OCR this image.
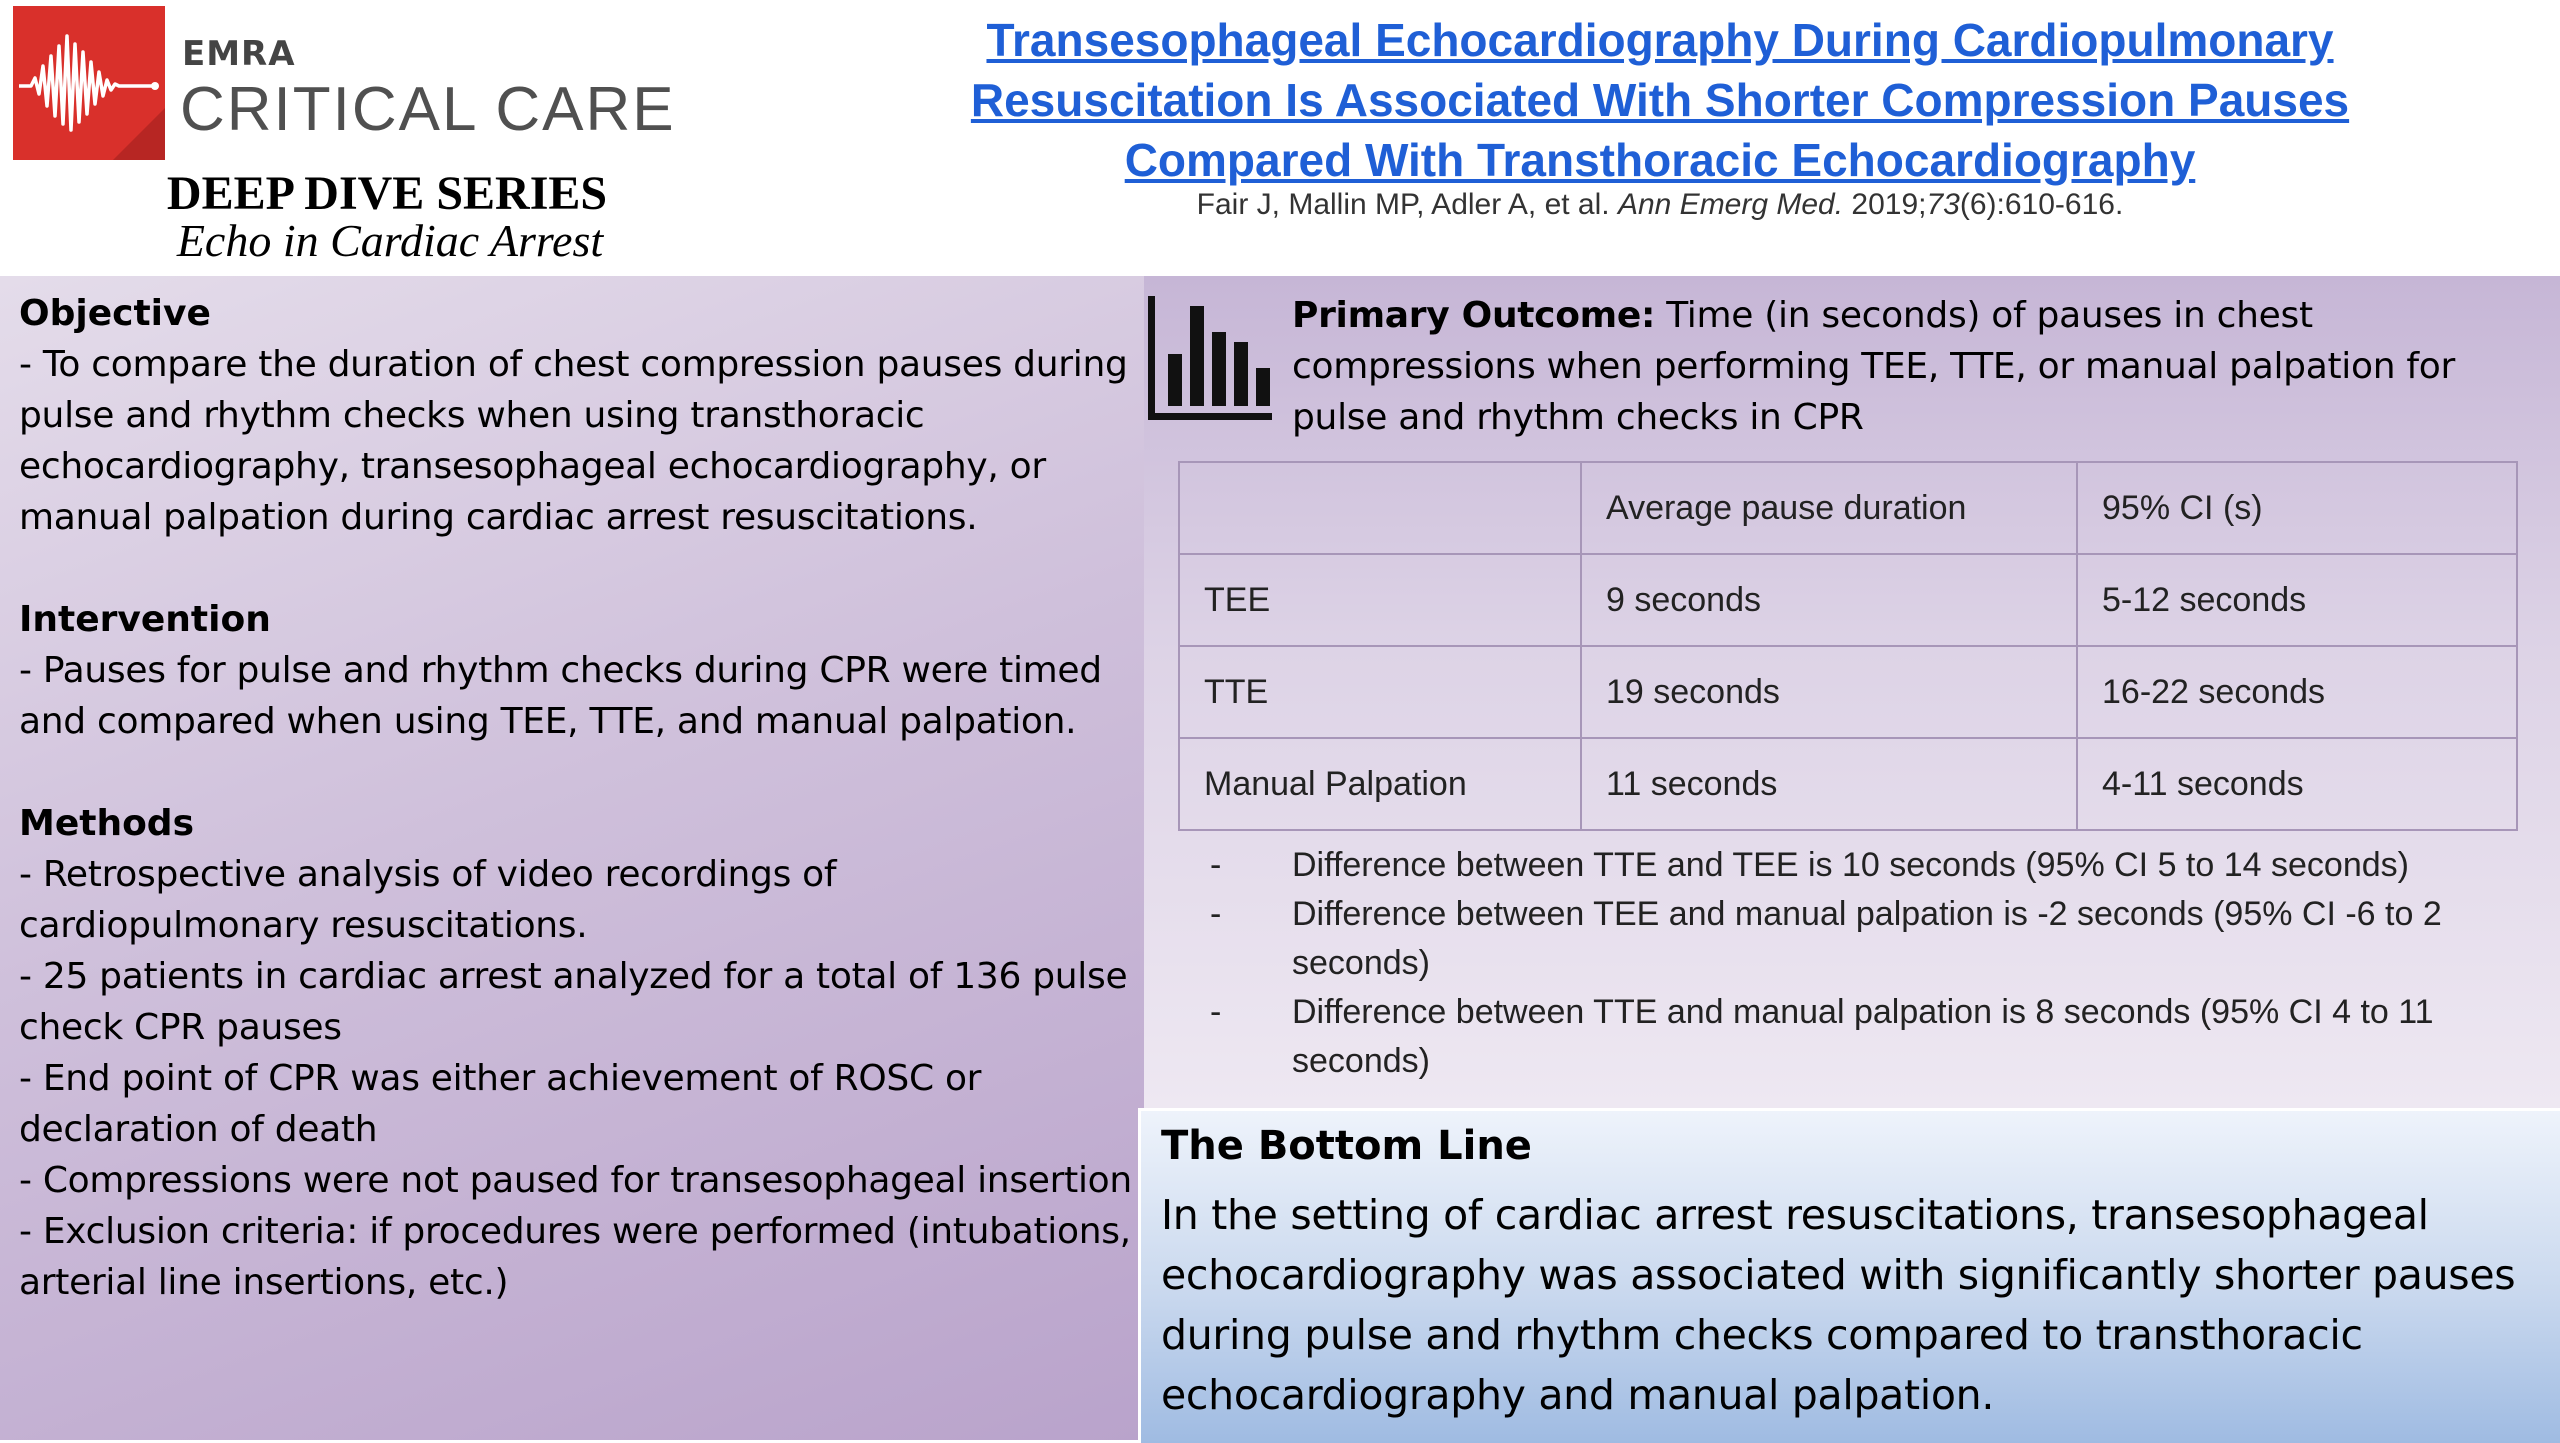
EMRA
CRITICAL CARE
DEEP DIVE SERIES
Echo in Cardiac Arrest
Transesophageal Echocardiography During Cardiopulmonary Resuscitation Is Associated With Shorter Compression Pauses Compared With Transthoracic Echocardiography
Fair J, Mallin MP, Adler A, et al. Ann Emerg Med. 2019;73(6):610-616.

Objective

- To compare the duration of chest compression pauses during pulse and rhythm checks when using transthoracic echocardiography, transesophageal echocardiography, or manual palpation during cardiac arrest resuscitations.

Intervention

- Pauses for pulse and rhythm checks during CPR were timed and compared when using TEE, TTE, and manual palpation.

Methods

- Retrospective analysis of video recordings of cardiopulmonary resuscitations.

- 25 patients in cardiac arrest analyzed for a total of 136 pulse check CPR pauses

- End point of CPR was either achievement of ROSC or declaration of death

- Compressions were not paused for transesophageal insertion

- Exclusion criteria: if procedures were performed (intubations, arterial line insertions, etc.)

Primary Outcome: Time (in seconds) of pauses in chest compressions when performing TEE, TTE, or manual palpation for pulse and rhythm checks in CPR
	Average pause duration	95% CI (s)
TEE	9 seconds	5-12 seconds
TTE	19 seconds	16-22 seconds
Manual Palpation	11 seconds	4-11 seconds
- Difference between TTE and TEE is 10 seconds (95% CI 5 to 14 seconds)
- Difference between TEE and manual palpation is -2 seconds (95% CI -6 to 2 seconds)
- Difference between TTE and manual palpation is 8 seconds (95% CI 4 to 11 seconds)
The Bottom Line
In the setting of cardiac arrest resuscitations, transesophageal echocardiography was associated with significantly shorter pauses during pulse and rhythm checks compared to transthoracic echocardiography and manual palpation.
